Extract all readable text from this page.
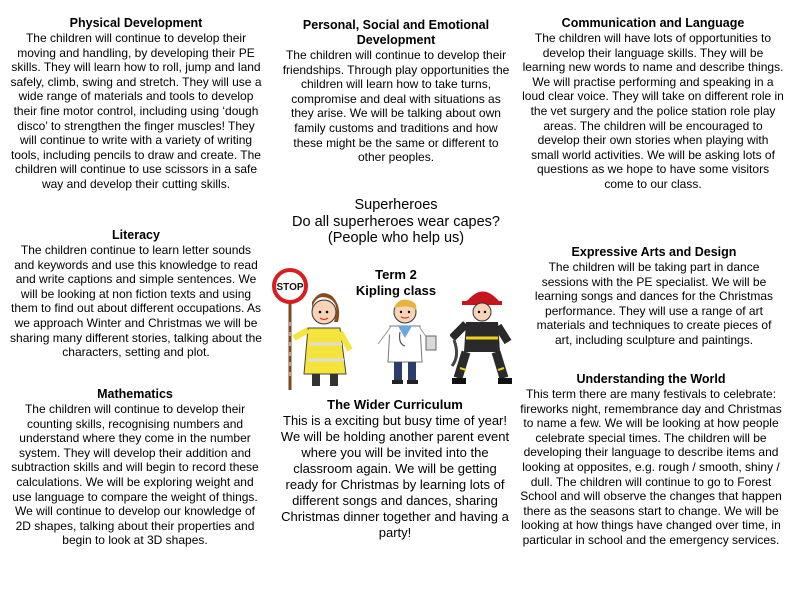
Physical Development

The children will continue to develop their moving and handling, by developing their PE skills. They will learn how to roll, jump and land safely, climb, swing and stretch. They will use a wide range of materials and tools to develop their fine motor control, including using ‘dough disco’ to strengthen the finger muscles! They will continue to write with a variety of writing tools, including pencils to draw and create. The children will continue to use scissors in a safe way and develop their cutting skills.

Literacy

The children continue to learn letter sounds and keywords and use this knowledge to read and write captions and simple sentences. We will be looking at non fiction texts and using them to find out about different occupations. As we approach Winter and Christmas we will be sharing many different stories, talking about the characters, setting and plot.

Mathematics

The children will continue to develop their counting skills, recognising numbers and understand where they come in the number system. They will develop their addition and subtraction skills and will begin to record these calculations. We will be exploring weight and use language to compare the weight of things. We will continue to develop our knowledge of 2D shapes, talking about their properties and begin to look at 3D shapes.

Personal, Social and Emotional Development

The children will continue to develop their friendships. Through play opportunities the children will learn how to take turns, compromise and deal with situations as they arise. We will be talking about own family customs and traditions and how these might be the same or different to other peoples.

Superheroes

Do all superheroes wear capes?

(People who help us)

Term 2

Kipling class

STOP
The Wider Curriculum

This is a exciting but busy time of year! We will be holding another parent event where you will be invited into the classroom again. We will be getting ready for Christmas by learning lots of different songs and dances, sharing Christmas dinner together and having a party!

Communication and Language

The children will have lots of opportunities to develop their language skills. They will be learning new words to name and describe things. We will practise performing and speaking in a loud clear voice. They will take on different role in the vet surgery and the police station role play areas. The children will be encouraged to develop their own stories when playing with small world activities. We will be asking lots of questions as we hope to have some visitors come to our class.

Expressive Arts and Design

The children will be taking part in dance sessions with the PE specialist. We will be learning songs and dances for the Christmas performance. They will use a range of art materials and techniques to create pieces of art, including sculpture and paintings.

Understanding the World

This term there are many festivals to celebrate: fireworks night, remembrance day and Christmas to name a few. We will be looking at how people celebrate special times. The children will be developing their language to describe items and looking at opposites, e.g. rough / smooth, shiny / dull. The children will continue to go to Forest School and will observe the changes that happen there as the seasons start to change. We will be looking at how things have changed over time, in particular in school and the emergency services.
